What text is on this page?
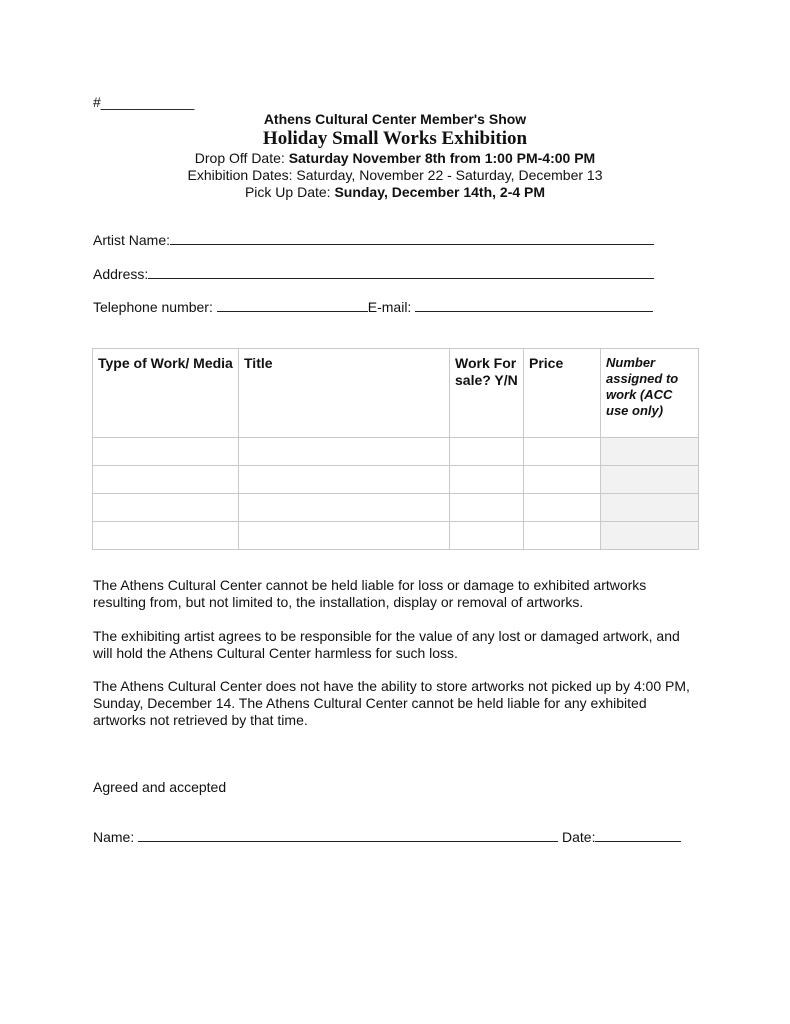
#____________
Athens Cultural Center Member's Show
Holiday Small Works Exhibition
Drop Off Date: Saturday November 8th from 1:00 PM-4:00 PM
Exhibition Dates: Saturday, November 22 - Saturday, December 13
Pick Up Date: Sunday, December 14th, 2-4 PM
Artist Name:
Address:
Telephone number:	E-mail:
Type of Work/ Media	Title	Work For sale? Y/N	Price	Number assigned to work (ACC use only)

The Athens Cultural Center cannot be held liable for loss or damage to exhibited artworks resulting from, but not limited to, the installation, display or removal of artworks.

The exhibiting artist agrees to be responsible for the value of any lost or damaged artwork, and will hold the Athens Cultural Center harmless for such loss.

The Athens Cultural Center does not have the ability to store artworks not picked up by 4:00 PM, Sunday, December 14. The Athens Cultural Center cannot be held liable for any exhibited artworks not retrieved by that time.

Agreed and accepted
Name:	Date:
